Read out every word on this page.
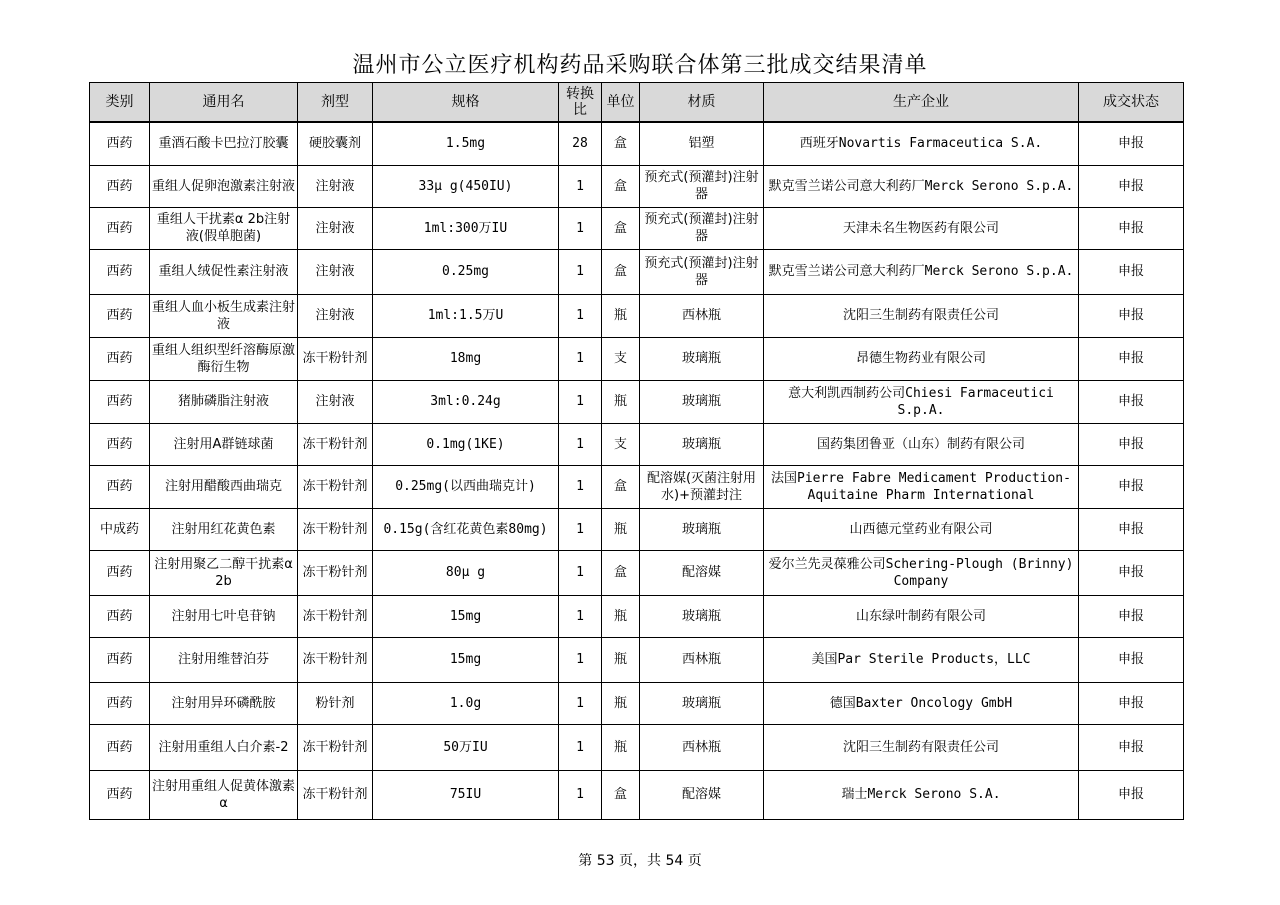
温州市公立医疗机构药品采购联合体第三批成交结果清单
类别	通用名	剂型	规格	转换比	单位	材质	生产企业	成交状态
西药	重酒石酸卡巴拉汀胶囊	硬胶囊剂	1.5mg	28	盒	铝塑	西班牙Novartis Farmaceutica S.A.	申报
西药	重组人促卵泡激素注射液	注射液	33μ g(450IU)	1	盒	预充式(预灌封)注射器	默克雪兰诺公司意大利药厂Merck Serono S.p.A.	申报
西药	重组人干扰素α 2b注射液(假单胞菌)	注射液	1ml:300万IU	1	盒	预充式(预灌封)注射器	天津未名生物医药有限公司	申报
西药	重组人绒促性素注射液	注射液	0.25mg	1	盒	预充式(预灌封)注射器	默克雪兰诺公司意大利药厂Merck Serono S.p.A.	申报
西药	重组人血小板生成素注射液	注射液	1ml:1.5万U	1	瓶	西林瓶	沈阳三生制药有限责任公司	申报
西药	重组人组织型纤溶酶原激酶衍生物	冻干粉针剂	18mg	1	支	玻璃瓶	昂德生物药业有限公司	申报
西药	猪肺磷脂注射液	注射液	3ml:0.24g	1	瓶	玻璃瓶	意大利凯西制药公司Chiesi Farmaceutici S.p.A.	申报
西药	注射用A群链球菌	冻干粉针剂	0.1mg(1KE)	1	支	玻璃瓶	国药集团鲁亚（山东）制药有限公司	申报
西药	注射用醋酸西曲瑞克	冻干粉针剂	0.25mg(以西曲瑞克计)	1	盒	配溶媒(灭菌注射用水)+预灌封注	法国Pierre Fabre Medicament Production-Aquitaine Pharm International	申报
中成药	注射用红花黄色素	冻干粉针剂	0.15g(含红花黄色素80mg)	1	瓶	玻璃瓶	山西德元堂药业有限公司	申报
西药	注射用聚乙二醇干扰素α 2b	冻干粉针剂	80μ g	1	盒	配溶媒	爱尔兰先灵葆雅公司Schering-Plough (Brinny) Company	申报
西药	注射用七叶皂苷钠	冻干粉针剂	15mg	1	瓶	玻璃瓶	山东绿叶制药有限公司	申报
西药	注射用维替泊芬	冻干粉针剂	15mg	1	瓶	西林瓶	美国Par Sterile Products，LLC	申报
西药	注射用异环磷酰胺	粉针剂	1.0g	1	瓶	玻璃瓶	德国Baxter Oncology GmbH	申报
西药	注射用重组人白介素-2	冻干粉针剂	50万IU	1	瓶	西林瓶	沈阳三生制药有限责任公司	申报
西药	注射用重组人促黄体激素α	冻干粉针剂	75IU	1	盒	配溶媒	瑞士Merck Serono S.A.	申报
第 53 页，共 54 页
